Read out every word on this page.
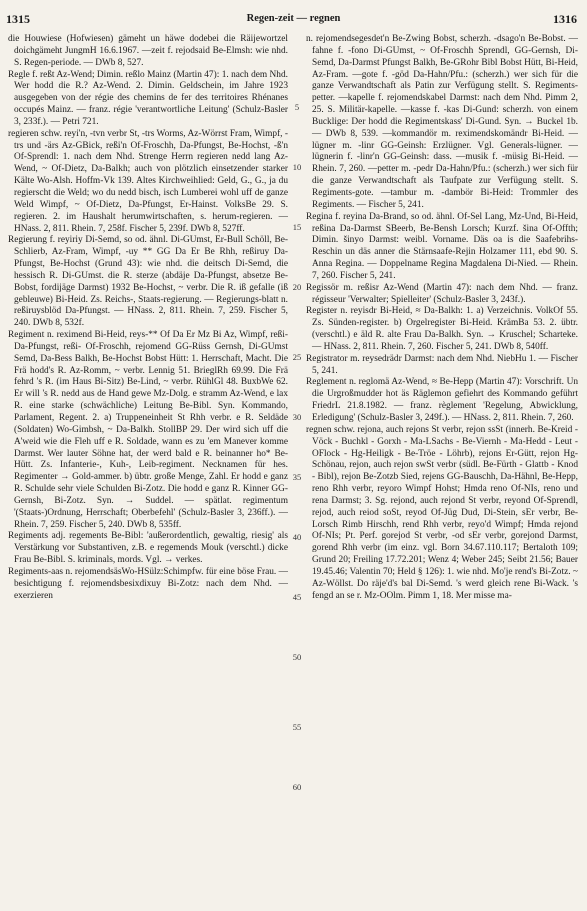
1315	Regen-zeit — regnen	1316

die Houwiese (Hofwiesen) gämeht un häwe dodebei die Räijewortzel doichgämeht JungmH 16.6.1967. —zeit f. rejodsaid Be-Elmsh: wie nhd. S. Regen-periode. — DWb 8, 527.

Regle f. reßt Az-Wend; Dimin. reßlo Mainz (Martin 47): 1. nach dem Nhd. Wer hodd die R.? Az-Wend. 2. Dimin. Geldschein, im Jahre 1923 ausgegeben von der régie des chemins de fer des territoires Rhénanes occupés Mainz. — franz. régie 'verantwortliche Leitung' (Schulz-Basler 3, 233f.). — Petri 721.

regieren schw. reyi'n, -tvn verbr St, -trs Worms, Az-Wörrst Fram, Wimpf, -trs und -ärs Az-GBick, reßi'n Of-Froschh, Da-Pfungst, Be-Hochst, -ß'n Of-Sprendl: 1. nach dem Nhd. Strenge Herrn regieren nedd lang Az-Wend, ~ Of-Dietz, Da-Balkh; auch von plötzlich einsetzender starker Kälte Wo-Alsh. Hoffm-Vk 139. Altes Kirchweihlied: Geld, G., G., ja du regierscht die Weld; wo du nedd bisch, isch Lumberei wohl uff de ganze Weld Wimpf, ~ Of-Dietz, Da-Pfungst, Er-Hainst. VolksBe 29. S. regieren. 2. im Haushalt herumwirtschaften, s. herum-regieren. — HNass. 2, 811. Rhein. 7, 258f. Fischer 5, 239f. DWb 8, 527ff.

Regierung f. reyiriy Di-Semd, so od. ähnl. Di-GUmst, Er-Bull Schöll, Be-Schlierb, Az-Fram, Wimpf, -uy ** GG Da Er Be Rhh, reßiruy Da-Pfungst, Be-Hochst (Grund 43): wie nhd. die deitsch Di-Semd, die hessisch R. Di-GUmst. die R. sterze (abdäje Da-Pfungst, absetze Be-Bobst, fordijäge Darmst) 1932 Be-Hochst, ~ verbr. Die R. iß gefalle (iß gebleuwe) Bi-Heid. Zs. Reichs-, Staats-regierung. — Regierungs-blatt n. reßiruysblöd Da-Pfungst. — HNass. 2, 811. Rhein. 7, 259. Fischer 5, 240. DWb 8, 532f.

Regiment n. reximend Bi-Heid, reys-** Of Da Er Mz Bi Az, Wimpf, reßi- Da-Pfungst, reßi- Of-Froschh, rejomend GG-Rüss Gernsh, Di-GUmst Semd, Da-Bess Balkh, Be-Hochst Bobst Hütt: 1. Herrschaft, Macht. Die Frä hodd's R. Az-Romm, ~ verbr. Lennig 51. BrieglRh 69.99. Die Frä fehrd 's R. (im Haus Bi-Sitz) Be-Lind, ~ verbr. RühlGl 48. BuxbWe 62. Er will 's R. nedd aus de Hand gewe Mz-Dolg. e stramm Az-Wend, e lax R. eine starke (schwächliche) Leitung Be-Bibl. Syn. Kommando, Parlament, Regent. 2. a) Truppeneinheit St Rhh verbr. e R. Seldäde (Soldaten) Wo-Gimbsh, ~ Da-Balkh. StollBP 29. Der wird sich uff die A'weid wie die Fleh uff e R. Soldade, wann es zu 'em Manever komme Darmst. Wer lauter Söhne hat, der werd bald e R. beinanner ho* Be-Hütt. Zs. Infanterie-, Kuh-, Leib-regiment. Necknamen für hes. Regimenter → Gold-ammer. b) übtr. große Menge, Zahl. Er hodd e ganz R. Schulde sehr viele Schulden Bi-Zotz. Die hodd e ganz R. Kinner GG-Gernsh, Bi-Zotz. Syn. → Suddel. — spätlat. regimentum '(Staats-)Ordnung, Herrschaft; Oberbefehl' (Schulz-Basler 3, 236ff.). — Rhein. 7, 259. Fischer 5, 240. DWb 8, 535ff.

Regiments adj. regements Be-Bibl: 'außerordentlich, gewaltig, riesig' als Verstärkung vor Substantiven, z.B. e regemends Mouk (verschtl.) dicke Frau Be-Bibl. S. kriminals, mords. Vgl. → verkes.

Regiments-aas n. rejomendsäsWo-HSülz:Schimpfw. für eine böse Frau. —besichtigung f. rejomendsbesixdixuy Bi-Zotz: nach dem Nhd. —exerzieren

5
10
15
20
25
30
35
40
45
50
55
60

n. rejomendsegesdet'n Be-Zwing Bobst, scherzh. -dsago'n Be-Bobst. —fahne f. -fono Di-GUmst, ~ Of-Froschh Sprendl, GG-Gernsh, Di-Semd, Da-Darmst Pfungst Balkh, Be-GRohr Bibl Bobst Hütt, Bi-Heid, Az-Fram. —gote f. -göd Da-Hahn/Pfu.: (scherzh.) wer sich für die ganze Verwandtschaft als Patin zur Verfügung stellt. S. Regiments-petter. —kapelle f. rejomendskabel Darmst: nach dem Nhd. Pimm 2, 25. S. Militär-kapelle. —kasse f. -kas Di-Gund: scherzh. von einem Bucklige: Der hodd die Regimentskass' Di-Gund. Syn. → Buckel 1b. — DWb 8, 539. —kommandör m. reximendskomändr Bi-Heid. —lügner m. -linr GG-Geinsh: Erzlügner. Vgl. Generals-lügner. —lügnerin f. -linr'n GG-Geinsh: dass. —musik f. -müsig Bi-Heid. — Rhein. 7, 260. —petter m. -pedr Da-Hahn/Pfu.: (scherzh.) wer sich für die ganze Verwandtschaft als Taufpate zur Verfügung stellt. S. Regiments-gote. —tambur m. -dambör Bi-Heid: Trommler des Regiments. — Fischer 5, 241.

Regina f. reyina Da-Brand, so od. ähnl. Of-Sel Lang, Mz-Und, Bi-Heid, reßina Da-Darmst SBeerb, Be-Bensh Lorsch; Kurzf. šina Of-Offth; Dimin. šinyo Darmst: weibl. Vorname. Däs oa is die Saafebrihs-Reschin un däs anner die Stärnsaafe-Rejin Holzamer 111, ebd 90. S. Anna Regina. — Doppelname Regina Magdalena Di-Nied. — Rhein. 7, 260. Fischer 5, 241.

Regissör m. reßisr Az-Wend (Martin 47): nach dem Nhd. — franz. régisseur 'Verwalter; Spielleiter' (Schulz-Basler 3, 243f.).

Register n. reyisdr Bi-Heid, ≈ Da-Balkh: 1. a) Verzeichnis. VolkOf 55. Zs. Sünden-register. b) Orgelregister Bi-Heid. KrämBa 53. 2. übtr. (verschtl.) e äld R. alte Frau Da-Balkh. Syn. → Kruschel; Scharteke. — HNass. 2, 811. Rhein. 7, 260. Fischer 5, 241. DWb 8, 540ff.

Registrator m. reysedrädr Darmst: nach dem Nhd. NiebHu 1. — Fischer 5, 241.

Reglement n. reglomä Az-Wend, ≈ Be-Hepp (Martin 47): Vorschrift. Un die Urgroßmudder hot äs Räglemon gefiehrt des Kommando geführt FriedrL 21.8.1982. — franz. règlement 'Regelung, Abwicklung, Erledigung' (Schulz-Basler 3, 249f.). — HNass. 2, 811. Rhein. 7, 260.

regnen schw. rejona, auch rejons St verbr, rejon ssSt (innerh. Be-Kreid - Vöck - Buchkl - Gorxh - Ma-LSachs - Be-Viernh - Ma-Hedd - Leut - OFlock - Hg-Heiligk - Be-Tröe - Löhrb), rejons Er-Gütt, rejon Hg-Schönau, rejon, auch rejon swSt verbr (südl. Be-Fürth - Glattb - Knod - Bibl), rejon Be-Zotzb Sied, rejens GG-Bauschh, Da-Hähnl, Be-Hepp, reno Rhh verbr, reyoro Wimpf Hohst; Hmda reno Of-NIs, reno und rena Darmst; 3. Sg. rejond, auch rejond St verbr, reyond Of-Sprendl, rejod, auch reiod soSt, reyod Of-Jüg Dud, Di-Stein, sEr verbr, Be-Lorsch Rimb Hirschh, rend Rhh verbr, reyo'd Wimpf; Hmda rejond Of-NIs; Pt. Perf. gorejod St verbr, -od sEr verbr, gorejond Darmst, gorend Rhh verbr (im einz. vgl. Born 34.67.110.117; Bertaloth 109; Grund 20; Freiling 17.72.201; Wenz 4; Weber 245; Seibt 21.56; Bauer 19.45.46; Valentin 70; Held § 126): 1. wie nhd. Mo'je rend's Bi-Zotz. ~ Az-Wöllst. Do räje'd's bal Di-Semd. 's werd gleich rene Bi-Wack. 's fengd an se r. Mz-OOlm. Pimm 1, 18. Mer misse ma-
